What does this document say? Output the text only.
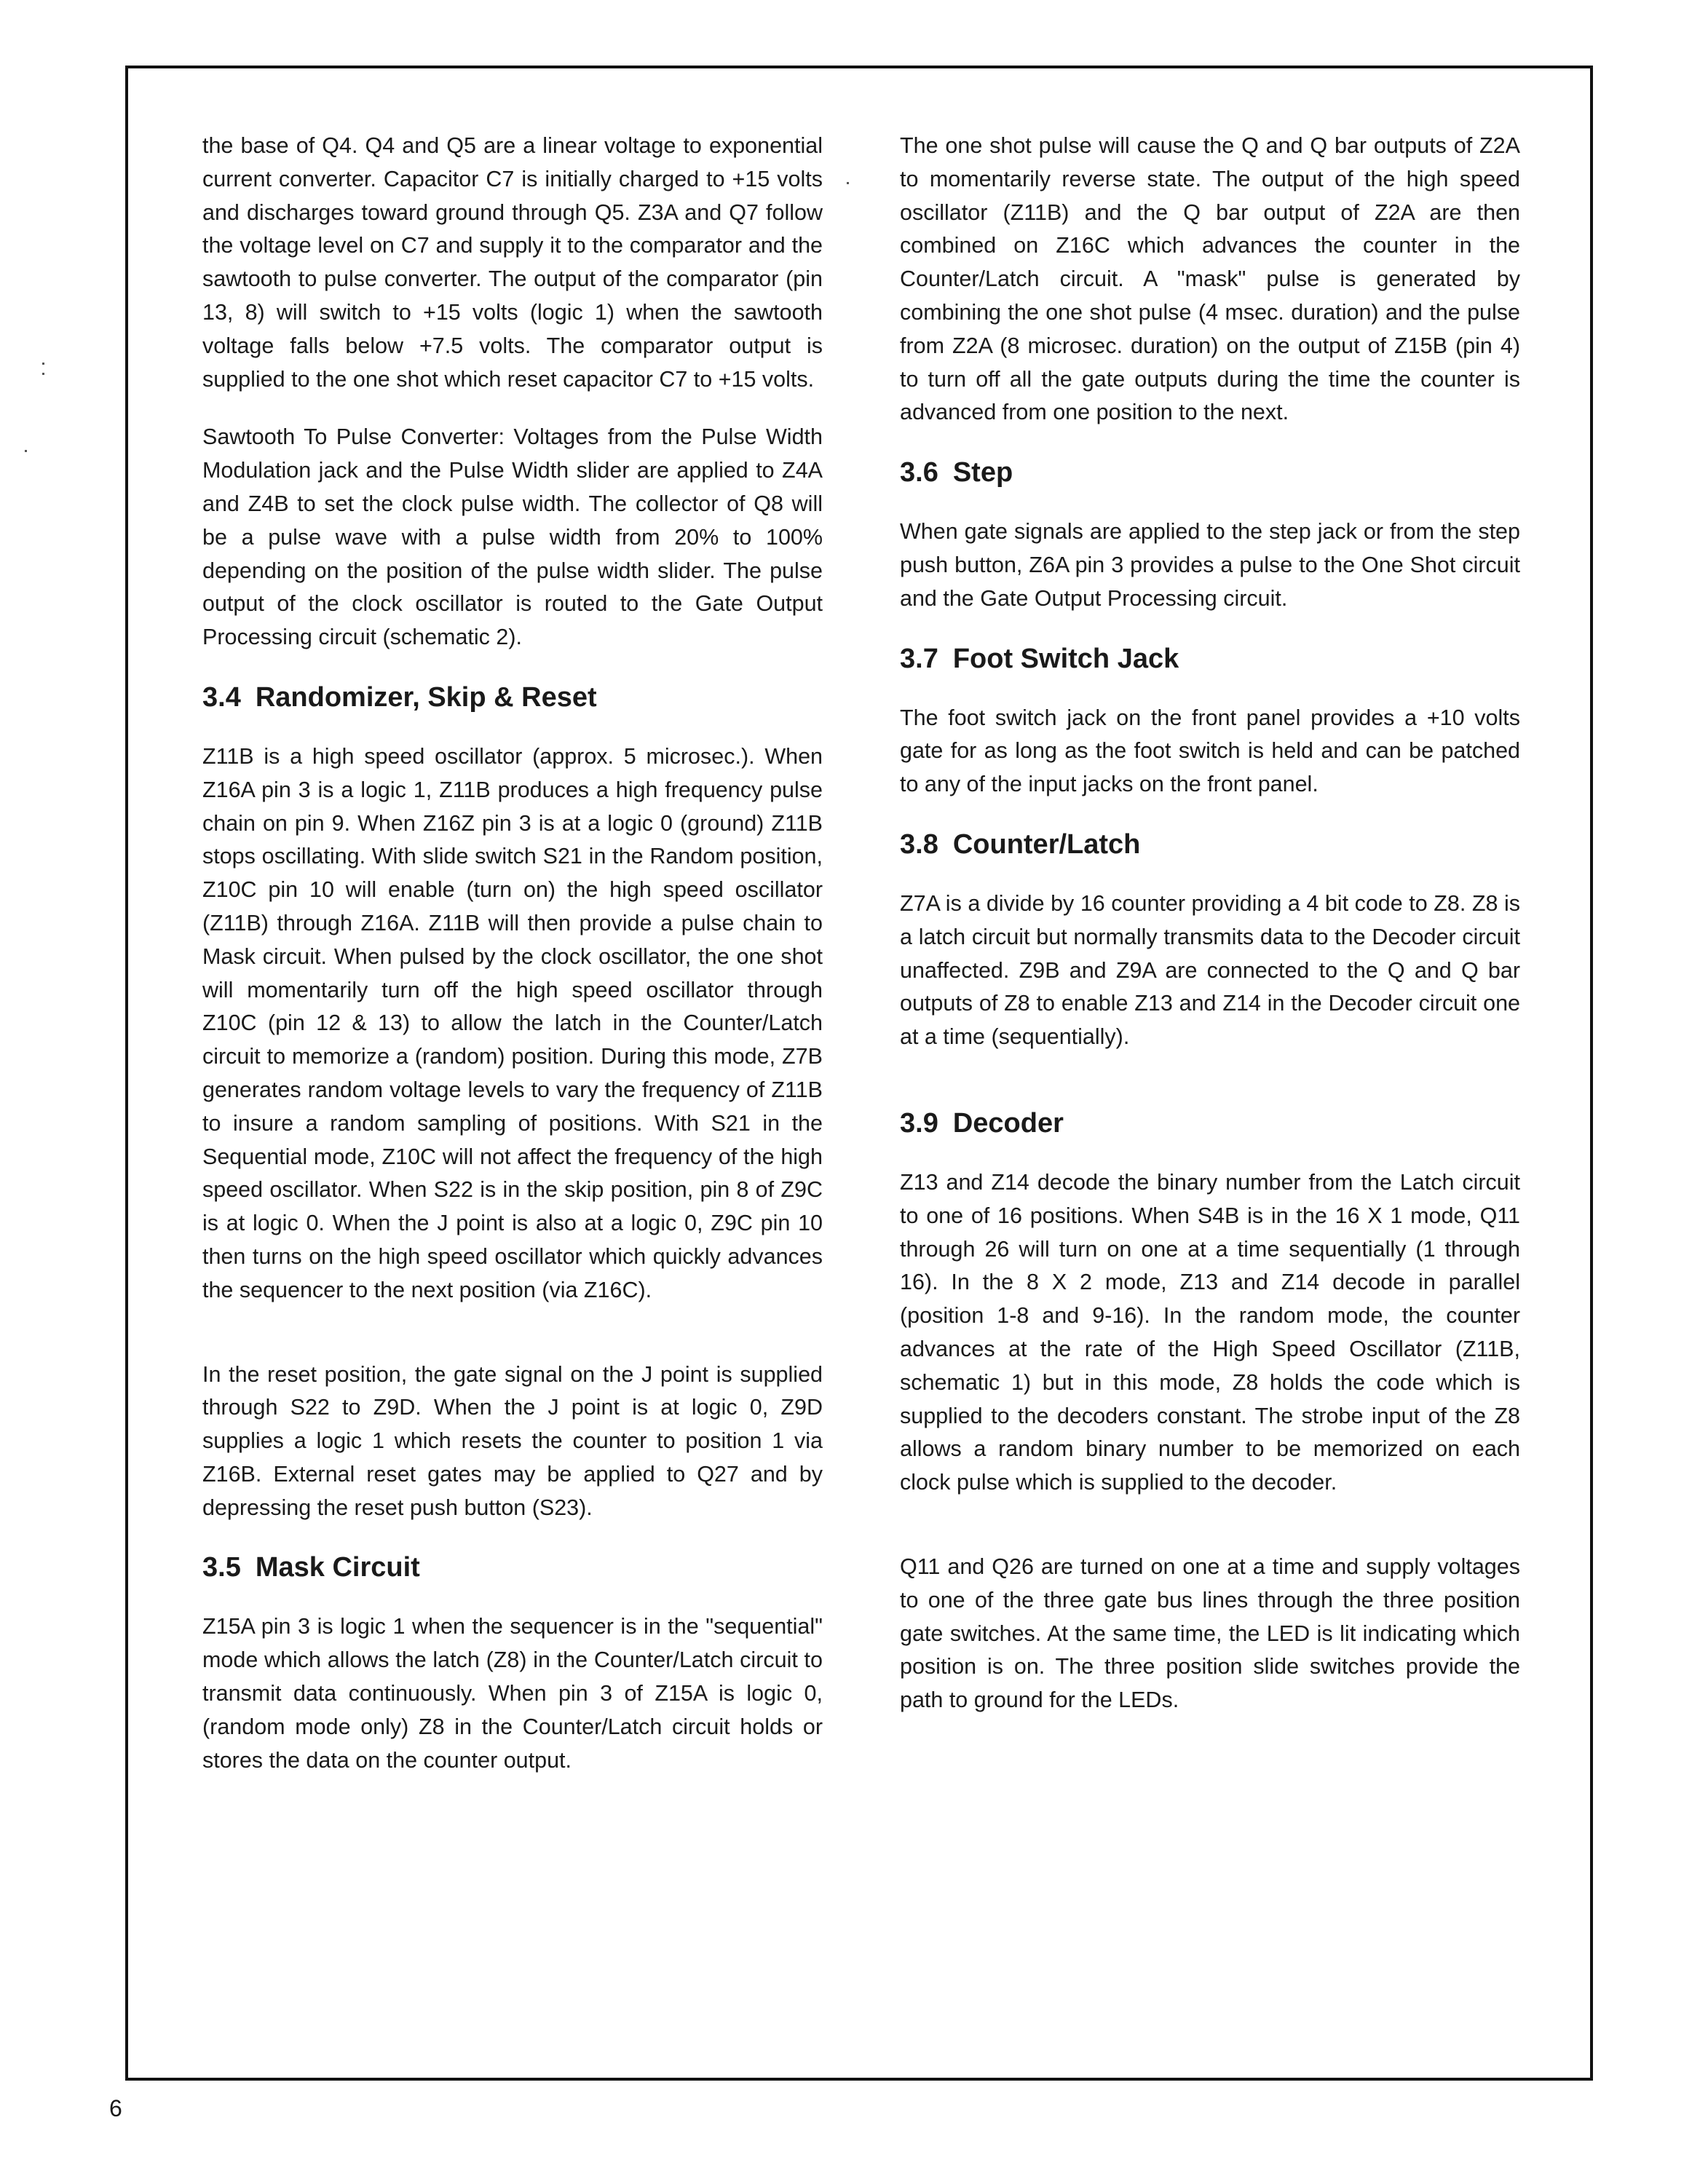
the base of Q4. Q4 and Q5 are a linear voltage to exponential current converter. Capacitor C7 is initially charged to +15 volts and discharges toward ground through Q5. Z3A and Q7 follow the voltage level on C7 and supply it to the comparator and the sawtooth to pulse converter. The output of the comparator (pin 13, 8) will switch to +15 volts (logic 1) when the sawtooth voltage falls below +7.5 volts. The comparator output is supplied to the one shot which reset capacitor C7 to +15 volts.

Sawtooth To Pulse Converter: Voltages from the Pulse Width Modulation jack and the Pulse Width slider are applied to Z4A and Z4B to set the clock pulse width. The collector of Q8 will be a pulse wave with a pulse width from 20% to 100% depending on the position of the pulse width slider. The pulse output of the clock oscillator is routed to the Gate Output Processing circuit (schematic 2).

3.4 Randomizer, Skip & Reset

Z11B is a high speed oscillator (approx. 5 microsec.). When Z16A pin 3 is a logic 1, Z11B produces a high frequency pulse chain on pin 9. When Z16Z pin 3 is at a logic 0 (ground) Z11B stops oscillating. With slide switch S21 in the Random position, Z10C pin 10 will enable (turn on) the high speed oscillator (Z11B) through Z16A. Z11B will then provide a pulse chain to Mask circuit. When pulsed by the clock oscillator, the one shot will momentarily turn off the high speed oscillator through Z10C (pin 12 & 13) to allow the latch in the Counter/Latch circuit to memorize a (random) position. During this mode, Z7B generates random voltage levels to vary the frequency of Z11B to insure a random sampling of positions. With S21 in the Sequential mode, Z10C will not affect the frequency of the high speed oscillator. When S22 is in the skip position, pin 8 of Z9C is at logic 0. When the J point is also at a logic 0, Z9C pin 10 then turns on the high speed oscillator which quickly advances the sequencer to the next position (via Z16C).

In the reset position, the gate signal on the J point is supplied through S22 to Z9D. When the J point is at logic 0, Z9D supplies a logic 1 which resets the counter to position 1 via Z16B. External reset gates may be applied to Q27 and by depressing the reset push button (S23).

3.5 Mask Circuit

Z15A pin 3 is logic 1 when the sequencer is in the "sequential" mode which allows the latch (Z8) in the Counter/Latch circuit to transmit data continuously. When pin 3 of Z15A is logic 0, (random mode only) Z8 in the Counter/Latch circuit holds or stores the data on the counter output.

The one shot pulse will cause the Q and Q bar outputs of Z2A to momentarily reverse state. The output of the high speed oscillator (Z11B) and the Q bar output of Z2A are then combined on Z16C which advances the counter in the Counter/Latch circuit. A "mask" pulse is generated by combining the one shot pulse (4 msec. duration) and the pulse from Z2A (8 microsec. duration) on the output of Z15B (pin 4) to turn off all the gate outputs during the time the counter is advanced from one position to the next.

3.6 Step

When gate signals are applied to the step jack or from the step push button, Z6A pin 3 provides a pulse to the One Shot circuit and the Gate Output Processing circuit.

3.7 Foot Switch Jack

The foot switch jack on the front panel provides a +10 volts gate for as long as the foot switch is held and can be patched to any of the input jacks on the front panel.

3.8 Counter/Latch

Z7A is a divide by 16 counter providing a 4 bit code to Z8. Z8 is a latch circuit but normally transmits data to the Decoder circuit unaffected. Z9B and Z9A are connected to the Q and Q bar outputs of Z8 to enable Z13 and Z14 in the Decoder circuit one at a time (sequentially).

3.9 Decoder

Z13 and Z14 decode the binary number from the Latch circuit to one of 16 positions. When S4B is in the 16 X 1 mode, Q11 through 26 will turn on one at a time sequentially (1 through 16). In the 8 X 2 mode, Z13 and Z14 decode in parallel (position 1-8 and 9-16). In the random mode, the counter advances at the rate of the High Speed Oscillator (Z11B, schematic 1) but in this mode, Z8 holds the code which is supplied to the decoders constant. The strobe input of the Z8 allows a random binary number to be memorized on each clock pulse which is supplied to the decoder.

Q11 and Q26 are turned on one at a time and supply voltages to one of the three gate bus lines through the three position gate switches. At the same time, the LED is lit indicating which position is on. The three position slide switches provide the path to ground for the LEDs.

6
